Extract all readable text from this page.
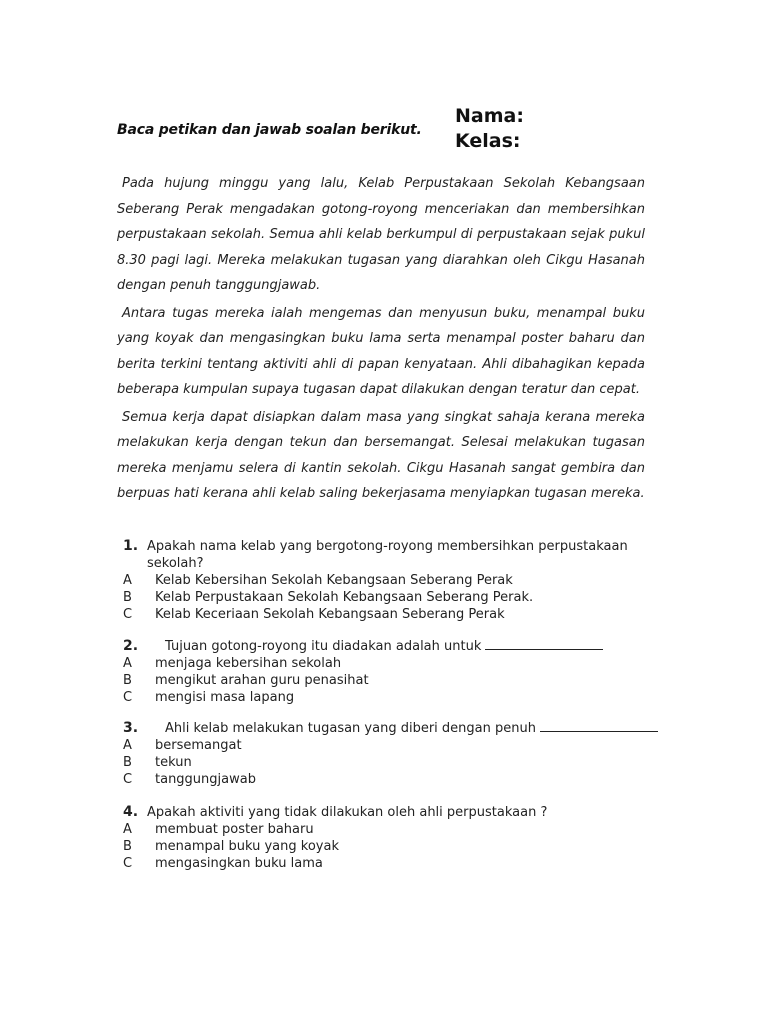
Baca petikan dan jawab soalan berikut.
Nama:
Kelas:

Pada hujung minggu yang lalu, Kelab Perpustakaan Sekolah Kebangsaan Seberang Perak mengadakan gotong-royong menceriakan dan membersihkan perpustakaan sekolah. Semua ahli kelab berkumpul di perpustakaan sejak pukul 8.30 pagi lagi. Mereka melakukan tugasan yang diarahkan oleh Cikgu Hasanah dengan penuh tanggungjawab.

Antara tugas mereka ialah mengemas dan menyusun buku, menampal buku yang koyak dan mengasingkan buku lama serta menampal poster baharu dan berita terkini tentang aktiviti ahli di papan kenyataan. Ahli dibahagikan kepada beberapa kumpulan supaya tugasan dapat dilakukan dengan teratur dan cepat.

Semua kerja dapat disiapkan dalam masa yang singkat sahaja kerana mereka melakukan kerja dengan tekun dan bersemangat. Selesai melakukan tugasan mereka menjamu selera di kantin sekolah. Cikgu Hasanah sangat gembira dan berpuas hati kerana ahli kelab saling bekerjasama menyiapkan tugasan mereka.

1. Apakah nama kelab yang bergotong-royong membersihkan perpustakaan sekolah?
A	Kelab Kebersihan Sekolah Kebangsaan Seberang Perak
B	Kelab Perpustakaan Sekolah Kebangsaan Seberang Perak.
C	Kelab Keceriaan Sekolah Kebangsaan Seberang Perak
2.	Tujuan gotong-royong itu diadakan adalah untuk
A	menjaga kebersihan sekolah
B	mengikut arahan guru penasihat
C	mengisi masa lapang
3.	Ahli kelab melakukan tugasan yang diberi dengan penuh
A	bersemangat
B	tekun
C	tanggungjawab
4. Apakah aktiviti yang tidak dilakukan oleh ahli perpustakaan ?
A	membuat poster baharu
B	menampal buku yang koyak
C	mengasingkan buku lama
